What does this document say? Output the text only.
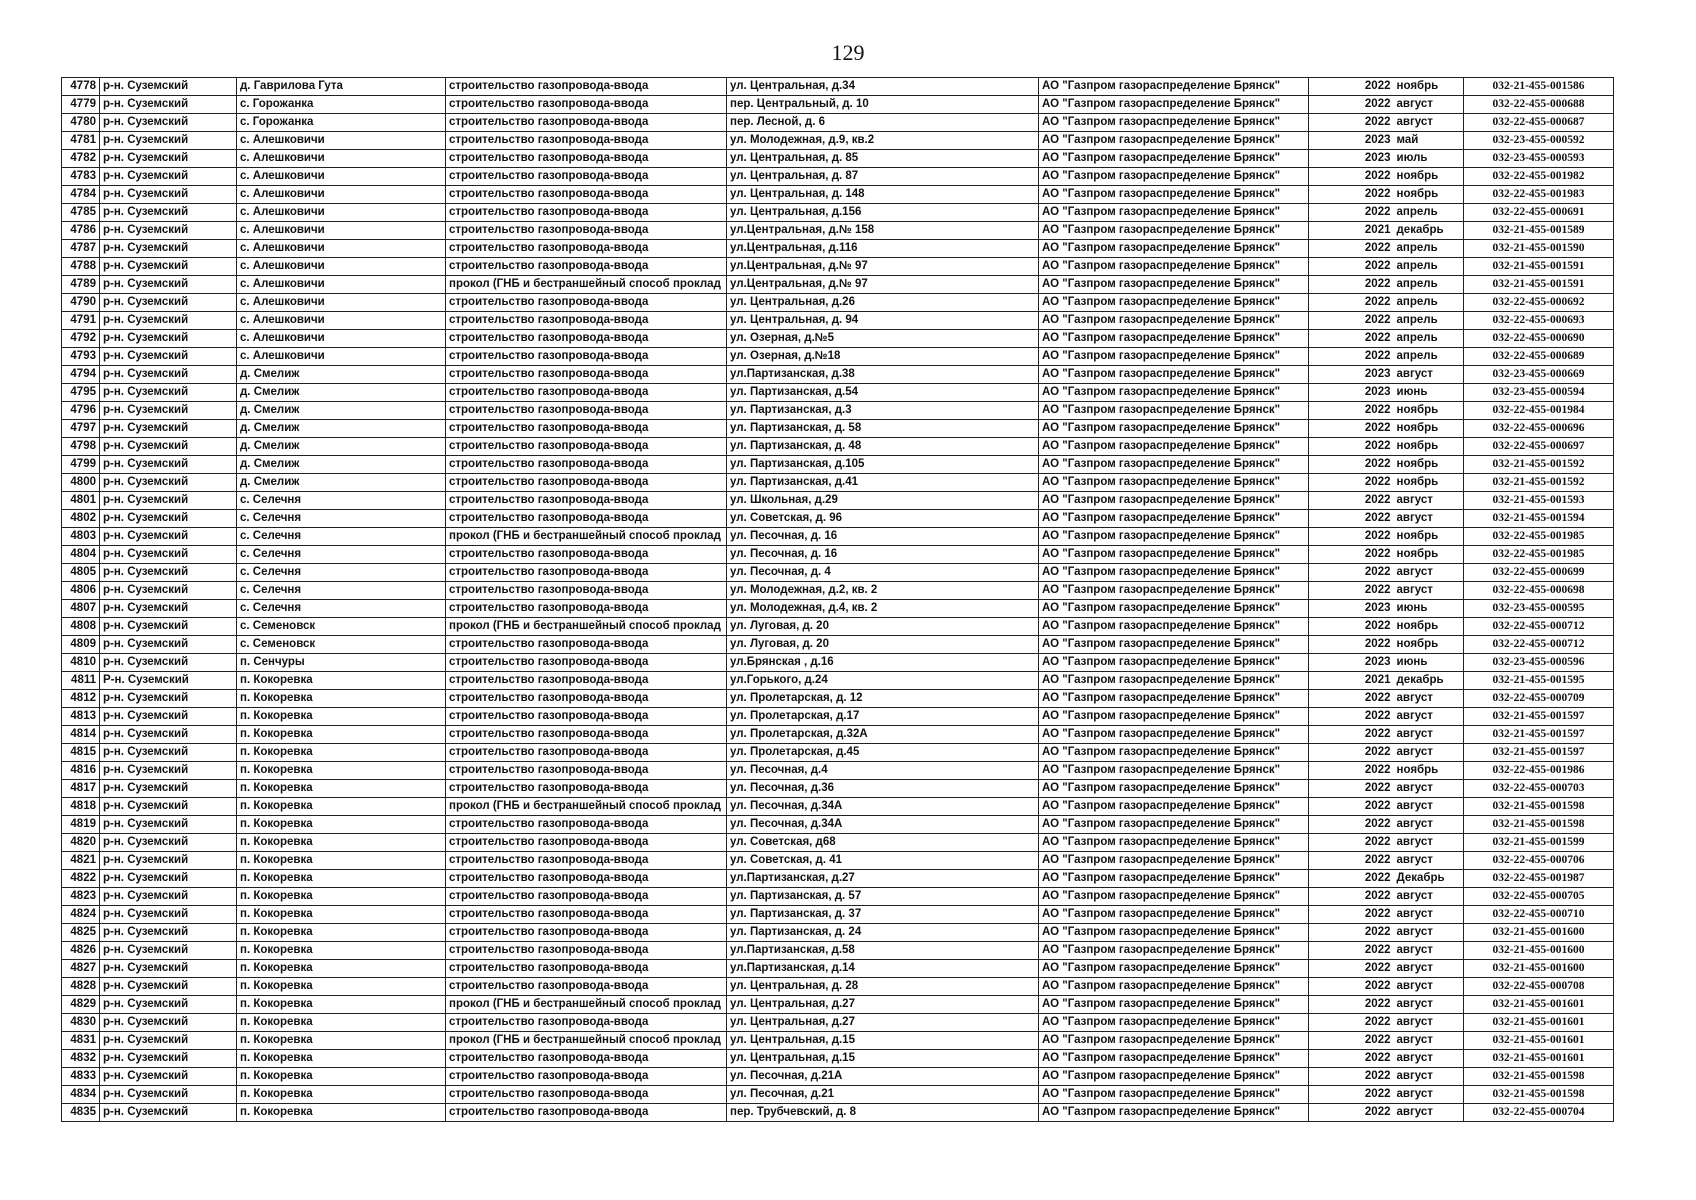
129
4778	р-н. Суземский	д. Гаврилова Гута	строительство газопровода-ввода	ул. Центральная, д.34	АО "Газпром газораспределение Брянск"	2022	ноябрь	032-21-455-001586
4779	р-н. Суземский	с. Горожанка	строительство газопровода-ввода	пер. Центральный, д. 10	АО "Газпром газораспределение Брянск"	2022	август	032-22-455-000688
4780	р-н. Суземский	с. Горожанка	строительство газопровода-ввода	пер. Лесной, д. 6	АО "Газпром газораспределение Брянск"	2022	август	032-22-455-000687
4781	р-н. Суземский	с. Алешковичи	строительство газопровода-ввода	ул. Молодежная, д.9, кв.2	АО "Газпром газораспределение Брянск"	2023	май	032-23-455-000592
4782	р-н. Суземский	с. Алешковичи	строительство газопровода-ввода	ул. Центральная, д. 85	АО "Газпром газораспределение Брянск"	2023	июль	032-23-455-000593
4783	р-н. Суземский	с. Алешковичи	строительство газопровода-ввода	ул. Центральная, д. 87	АО "Газпром газораспределение Брянск"	2022	ноябрь	032-22-455-001982
4784	р-н. Суземский	с. Алешковичи	строительство газопровода-ввода	ул. Центральная, д. 148	АО "Газпром газораспределение Брянск"	2022	ноябрь	032-22-455-001983
4785	р-н. Суземский	с. Алешковичи	строительство газопровода-ввода	ул. Центральная, д.156	АО "Газпром газораспределение Брянск"	2022	апрель	032-22-455-000691
4786	р-н. Суземский	с. Алешковичи	строительство газопровода-ввода	ул.Центральная, д.№ 158	АО "Газпром газораспределение Брянск"	2021	декабрь	032-21-455-001589
4787	р-н. Суземский	с. Алешковичи	строительство газопровода-ввода	ул.Центральная, д.116	АО "Газпром газораспределение Брянск"	2022	апрель	032-21-455-001590
4788	р-н. Суземский	с. Алешковичи	строительство газопровода-ввода	ул.Центральная, д.№ 97	АО "Газпром газораспределение Брянск"	2022	апрель	032-21-455-001591
4789	р-н. Суземский	с. Алешковичи	прокол (ГНБ и бестраншейный способ проклад	ул.Центральная, д.№ 97	АО "Газпром газораспределение Брянск"	2022	апрель	032-21-455-001591
4790	р-н. Суземский	с. Алешковичи	строительство газопровода-ввода	ул. Центральная, д.26	АО "Газпром газораспределение Брянск"	2022	апрель	032-22-455-000692
4791	р-н. Суземский	с. Алешковичи	строительство газопровода-ввода	ул. Центральная, д. 94	АО "Газпром газораспределение Брянск"	2022	апрель	032-22-455-000693
4792	р-н. Суземский	с. Алешковичи	строительство газопровода-ввода	ул. Озерная, д.№5	АО "Газпром газораспределение Брянск"	2022	апрель	032-22-455-000690
4793	р-н. Суземский	с. Алешковичи	строительство газопровода-ввода	ул. Озерная, д.№18	АО "Газпром газораспределение Брянск"	2022	апрель	032-22-455-000689
4794	р-н. Суземский	д. Смелиж	строительство газопровода-ввода	ул.Партизанская, д.38	АО "Газпром газораспределение Брянск"	2023	август	032-23-455-000669
4795	р-н. Суземский	д. Смелиж	строительство газопровода-ввода	ул. Партизанская, д.54	АО "Газпром газораспределение Брянск"	2023	июнь	032-23-455-000594
4796	р-н. Суземский	д. Смелиж	строительство газопровода-ввода	ул. Партизанская, д.3	АО "Газпром газораспределение Брянск"	2022	ноябрь	032-22-455-001984
4797	р-н. Суземский	д. Смелиж	строительство газопровода-ввода	ул. Партизанская, д. 58	АО "Газпром газораспределение Брянск"	2022	ноябрь	032-22-455-000696
4798	р-н. Суземский	д. Смелиж	строительство газопровода-ввода	ул. Партизанская, д. 48	АО "Газпром газораспределение Брянск"	2022	ноябрь	032-22-455-000697
4799	р-н. Суземский	д. Смелиж	строительство газопровода-ввода	ул. Партизанская, д.105	АО "Газпром газораспределение Брянск"	2022	ноябрь	032-21-455-001592
4800	р-н. Суземский	д. Смелиж	строительство газопровода-ввода	ул. Партизанская, д.41	АО "Газпром газораспределение Брянск"	2022	ноябрь	032-21-455-001592
4801	р-н. Суземский	с. Селечня	строительство газопровода-ввода	ул. Школьная, д.29	АО "Газпром газораспределение Брянск"	2022	август	032-21-455-001593
4802	р-н. Суземский	с. Селечня	строительство газопровода-ввода	ул. Советская, д. 96	АО "Газпром газораспределение Брянск"	2022	август	032-21-455-001594
4803	р-н. Суземский	с. Селечня	прокол (ГНБ и бестраншейный способ проклад	ул. Песочная, д. 16	АО "Газпром газораспределение Брянск"	2022	ноябрь	032-22-455-001985
4804	р-н. Суземский	с. Селечня	строительство газопровода-ввода	ул. Песочная, д. 16	АО "Газпром газораспределение Брянск"	2022	ноябрь	032-22-455-001985
4805	р-н. Суземский	с. Селечня	строительство газопровода-ввода	ул. Песочная, д. 4	АО "Газпром газораспределение Брянск"	2022	август	032-22-455-000699
4806	р-н. Суземский	с. Селечня	строительство газопровода-ввода	ул. Молодежная, д.2, кв. 2	АО "Газпром газораспределение Брянск"	2022	август	032-22-455-000698
4807	р-н. Суземский	с. Селечня	строительство газопровода-ввода	ул. Молодежная, д.4, кв. 2	АО "Газпром газораспределение Брянск"	2023	июнь	032-23-455-000595
4808	р-н. Суземский	с. Семеновск	прокол (ГНБ и бестраншейный способ проклад	ул. Луговая, д. 20	АО "Газпром газораспределение Брянск"	2022	ноябрь	032-22-455-000712
4809	р-н. Суземский	с. Семеновск	строительство газопровода-ввода	ул. Луговая, д. 20	АО "Газпром газораспределение Брянск"	2022	ноябрь	032-22-455-000712
4810	р-н. Суземский	п. Сенчуры	строительство газопровода-ввода	ул.Брянская , д.16	АО "Газпром газораспределение Брянск"	2023	июнь	032-23-455-000596
4811	Р-н. Суземский	п. Кокоревка	строительство газопровода-ввода	ул.Горького, д.24	АО "Газпром газораспределение Брянск"	2021	декабрь	032-21-455-001595
4812	р-н. Суземский	п. Кокоревка	строительство газопровода-ввода	ул. Пролетарская, д. 12	АО "Газпром газораспределение Брянск"	2022	август	032-22-455-000709
4813	р-н. Суземский	п. Кокоревка	строительство газопровода-ввода	ул. Пролетарская, д.17	АО "Газпром газораспределение Брянск"	2022	август	032-21-455-001597
4814	р-н. Суземский	п. Кокоревка	строительство газопровода-ввода	ул. Пролетарская, д.32А	АО "Газпром газораспределение Брянск"	2022	август	032-21-455-001597
4815	р-н. Суземский	п. Кокоревка	строительство газопровода-ввода	ул. Пролетарская, д.45	АО "Газпром газораспределение Брянск"	2022	август	032-21-455-001597
4816	р-н. Суземский	п. Кокоревка	строительство газопровода-ввода	ул. Песочная, д.4	АО "Газпром газораспределение Брянск"	2022	ноябрь	032-22-455-001986
4817	р-н. Суземский	п. Кокоревка	строительство газопровода-ввода	ул. Песочная, д.36	АО "Газпром газораспределение Брянск"	2022	август	032-22-455-000703
4818	р-н. Суземский	п. Кокоревка	прокол (ГНБ и бестраншейный способ проклад	ул. Песочная, д.34А	АО "Газпром газораспределение Брянск"	2022	август	032-21-455-001598
4819	р-н. Суземский	п. Кокоревка	строительство газопровода-ввода	ул. Песочная, д.34А	АО "Газпром газораспределение Брянск"	2022	август	032-21-455-001598
4820	р-н. Суземский	п. Кокоревка	строительство газопровода-ввода	ул. Советская, д68	АО "Газпром газораспределение Брянск"	2022	август	032-21-455-001599
4821	р-н. Суземский	п. Кокоревка	строительство газопровода-ввода	ул. Советская, д. 41	АО "Газпром газораспределение Брянск"	2022	август	032-22-455-000706
4822	р-н. Суземский	п. Кокоревка	строительство газопровода-ввода	ул.Партизанская, д.27	АО "Газпром газораспределение Брянск"	2022	Декабрь	032-22-455-001987
4823	р-н. Суземский	п. Кокоревка	строительство газопровода-ввода	ул. Партизанская, д. 57	АО "Газпром газораспределение Брянск"	2022	август	032-22-455-000705
4824	р-н. Суземский	п. Кокоревка	строительство газопровода-ввода	ул. Партизанская, д. 37	АО "Газпром газораспределение Брянск"	2022	август	032-22-455-000710
4825	р-н. Суземский	п. Кокоревка	строительство газопровода-ввода	ул. Партизанская, д. 24	АО "Газпром газораспределение Брянск"	2022	август	032-21-455-001600
4826	р-н. Суземский	п. Кокоревка	строительство газопровода-ввода	ул.Партизанская, д.58	АО "Газпром газораспределение Брянск"	2022	август	032-21-455-001600
4827	р-н. Суземский	п. Кокоревка	строительство газопровода-ввода	ул.Партизанская, д.14	АО "Газпром газораспределение Брянск"	2022	август	032-21-455-001600
4828	р-н. Суземский	п. Кокоревка	строительство газопровода-ввода	ул. Центральная, д. 28	АО "Газпром газораспределение Брянск"	2022	август	032-22-455-000708
4829	р-н. Суземский	п. Кокоревка	прокол (ГНБ и бестраншейный способ проклад	ул. Центральная, д.27	АО "Газпром газораспределение Брянск"	2022	август	032-21-455-001601
4830	р-н. Суземский	п. Кокоревка	строительство газопровода-ввода	ул. Центральная, д.27	АО "Газпром газораспределение Брянск"	2022	август	032-21-455-001601
4831	р-н. Суземский	п. Кокоревка	прокол (ГНБ и бестраншейный способ проклад	ул. Центральная, д.15	АО "Газпром газораспределение Брянск"	2022	август	032-21-455-001601
4832	р-н. Суземский	п. Кокоревка	строительство газопровода-ввода	ул. Центральная, д.15	АО "Газпром газораспределение Брянск"	2022	август	032-21-455-001601
4833	р-н. Суземский	п. Кокоревка	строительство газопровода-ввода	ул. Песочная, д.21А	АО "Газпром газораспределение Брянск"	2022	август	032-21-455-001598
4834	р-н. Суземский	п. Кокоревка	строительство газопровода-ввода	ул. Песочная, д.21	АО "Газпром газораспределение Брянск"	2022	август	032-21-455-001598
4835	р-н. Суземский	п. Кокоревка	строительство газопровода-ввода	пер. Трубчевский, д. 8	АО "Газпром газораспределение Брянск"	2022	август	032-22-455-000704
